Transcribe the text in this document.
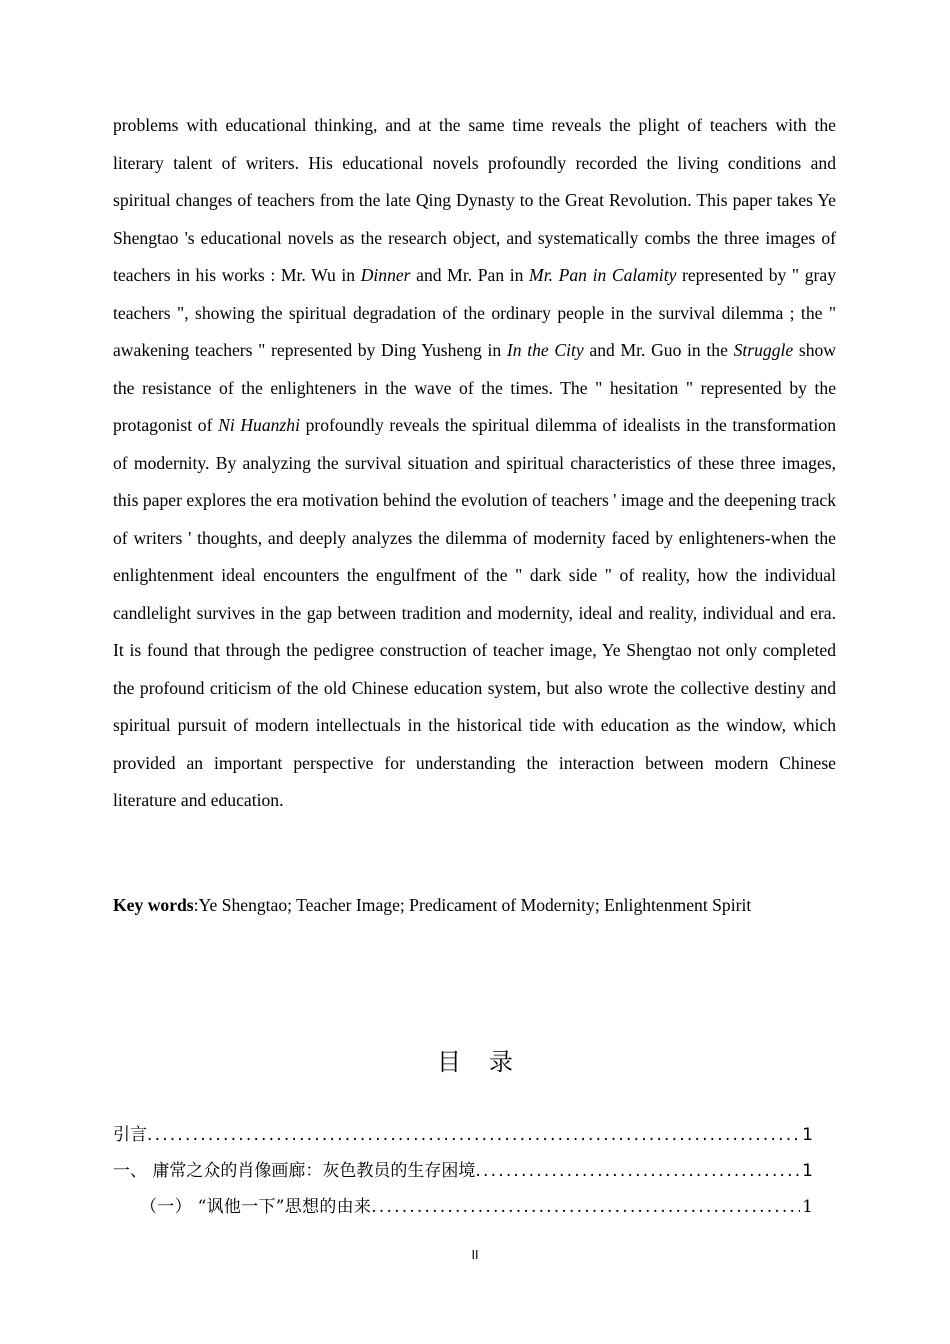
problems with educational thinking, and at the same time reveals the plight of teachers with the literary talent of writers. His educational novels profoundly recorded the living conditions and spiritual changes of teachers from the late Qing Dynasty to the Great Revolution. This paper takes Ye Shengtao 's educational novels as the research object, and systematically combs the three images of teachers in his works : Mr. Wu in Dinner and Mr. Pan in Mr. Pan in Calamity represented by " gray teachers ", showing the spiritual degradation of the ordinary people in the survival dilemma ; the " awakening teachers " represented by Ding Yusheng in In the City and Mr. Guo in the Struggle show the resistance of the enlighteners in the wave of the times. The " hesitation " represented by the protagonist of Ni Huanzhi profoundly reveals the spiritual dilemma of idealists in the transformation of modernity. By analyzing the survival situation and spiritual characteristics of these three images, this paper explores the era motivation behind the evolution of teachers ' image and the deepening track of writers ' thoughts, and deeply analyzes the dilemma of modernity faced by enlighteners-when the enlightenment ideal encounters the engulfment of the " dark side " of reality, how the individual candlelight survives in the gap between tradition and modernity, ideal and reality, individual and era. It is found that through the pedigree construction of teacher image, Ye Shengtao not only completed the profound criticism of the old Chinese education system, but also wrote the collective destiny and spiritual pursuit of modern intellectuals in the historical tide with education as the window, which provided an important perspective for understanding the interaction between modern Chinese literature and education.

Key words:Ye Shengtao; Teacher Image; Predicament of Modernity; Enlightenment Spirit
目录
引言 .....	1
一、 庸常之众的肖像画廊：灰色教员的生存困境 .....	1
（一） “讽他一下”思想的由来 .....	1
II
